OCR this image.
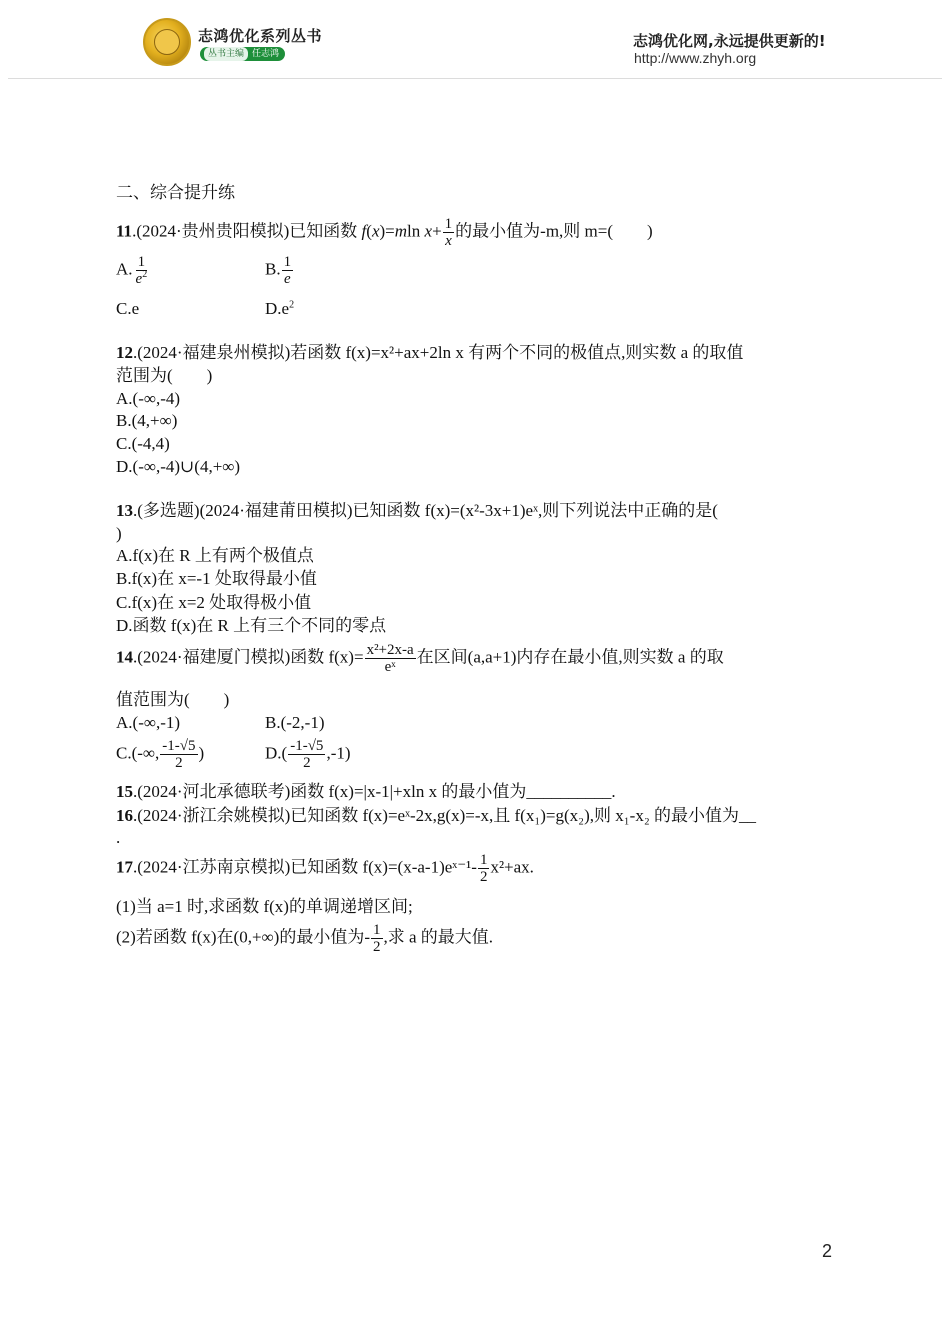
志鸿优化系列丛书
丛书主编 任志鸿
志鸿优化网,永远提供更新的!
http://www.zhyh.org
二、综合提升练
11.(2024·贵州贵阳模拟)已知函数 f(x)=mln $x+ \frac{1}{x}$ 的最小值为-m,则 m=(　　)
A. $\frac{1}{e^2}$	B. $\frac{1}{e}$
C.e	$D.e^2$
12.(2024·福建泉州模拟)若函数 f(x)=x²+ax+2ln x 有两个不同的极值点,则实数 a 的取值
范围为(　　)
A.(-∞,-4)
B.(4,+∞)
C.(-4,4)
D.(-∞,-4)∪(4,+∞)
13.(多选题)(2024·福建莆田模拟)已知函数 f(x)=(x²-3x+1)eˣ,则下列说法中正确的是(
)
A.f(x)在 R 上有两个极值点
B.f(x)在 x=-1 处取得最小值
C.f(x)在 x=2 处取得极小值
D.函数 f(x)在 R 上有三个不同的零点
14.(2024·福建厦门模拟)函数 $f(x)= \frac{\text{x²+2x-a}}{\text{eˣ}}$ 在区间(a,a+1)内存在最小值,则实数 a 的取
值范围为(　　)
A.(-∞,-1)	B.(-2,-1)
C.(-∞, $\frac{-1-√5}{2}$ )	$D.( \frac{-1-√5}{2} ,-1)$
15.(2024·河北承德联考)函数 f(x)=|x-1|+xln x 的最小值为__________.
16.(2024·浙江余姚模拟)已知函数 f(x)=eˣ-2x,g(x)=-x,且 f(x₁)=g(x₂),则 x₁-x₂ 的最小值为__
.
17.(2024·江苏南京模拟)已知函数 f(x)=(x-a-1)eˣ⁻¹- $\frac{1}{2} x^2+ax$.
(1)当 a=1 时,求函数 f(x)的单调递增区间;
(2)若函数 f(x)在(0,+∞)的最小值为- $\frac{1}{2}$ ,求 a 的最大值.
2
